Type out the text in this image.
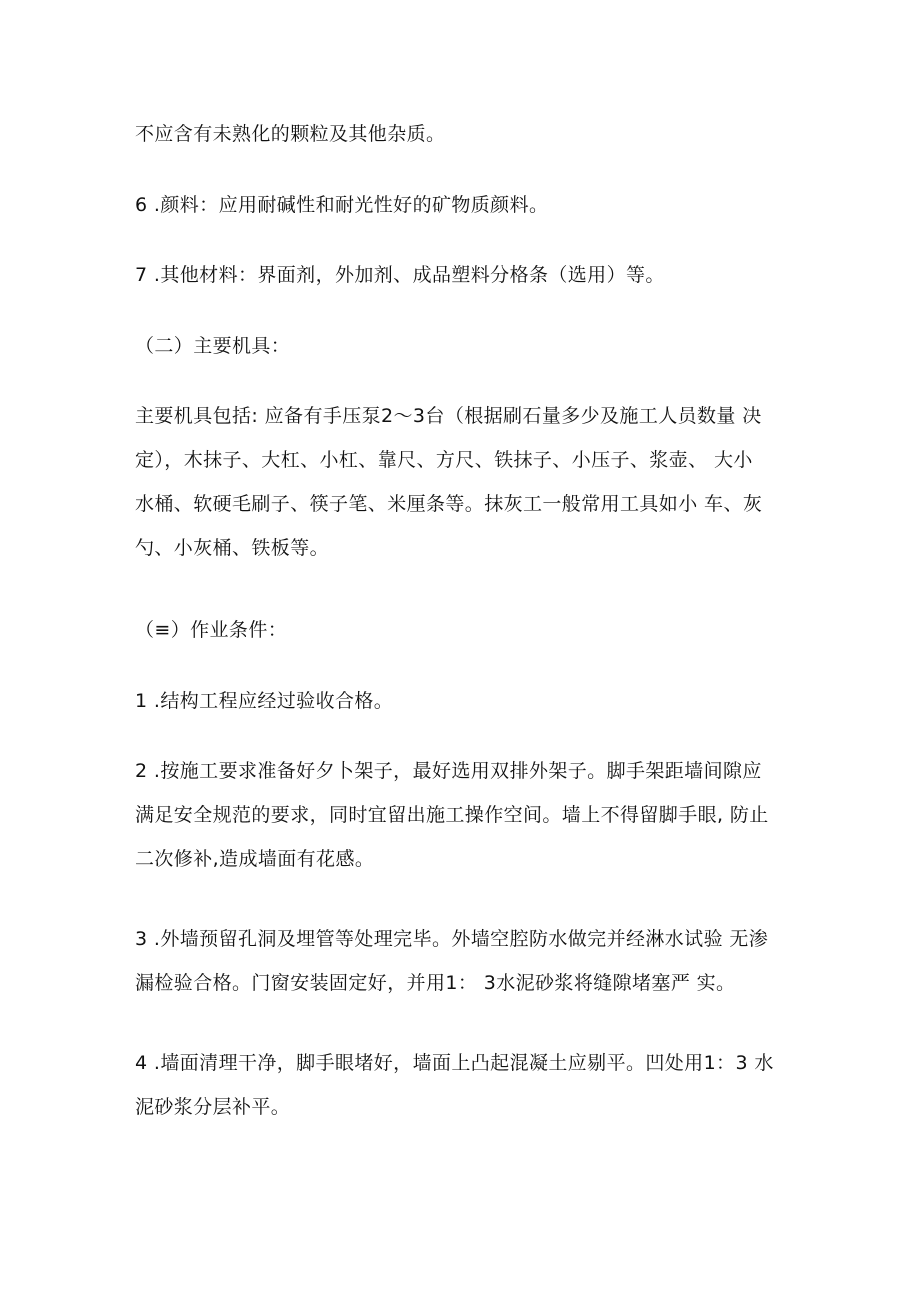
不应含有未熟化的颗粒及其他杂质。
6 .颜料：应用耐碱性和耐光性好的矿物质颜料。
7 .其他材料：界面剂，外加剂、成品塑料分格条（选用）等。
（二）主要机具：
主要机具包括: 应备有手压泵2～3台（根据刷石量多少及施工人员数量 决
定），木抹子、大杠、小杠、靠尺、方尺、铁抹子、小压子、浆壶、 大小
水桶、软硬毛刷子、筷子笔、米厘条等。抹灰工一般常用工具如小 车、灰
勺、小灰桶、铁板等。
（≡）作业条件：
1 .结构工程应经过验收合格。
2 .按施工要求准备好夕卜架子，最好选用双排外架子。脚手架距墙间隙应
满足安全规范的要求，同时宜留出施工操作空间。墙上不得留脚手眼, 防止
二次修补,造成墙面有花感。
3 .外墙预留孔洞及埋管等处理完毕。外墙空腔防水做完并经淋水试验 无渗
漏检验合格。门窗安装固定好，并用1： 3水泥砂浆将缝隙堵塞严 实。
4 .墙面清理干净，脚手眼堵好，墙面上凸起混凝土应剔平。凹处用1：3 水
泥砂浆分层补平。
